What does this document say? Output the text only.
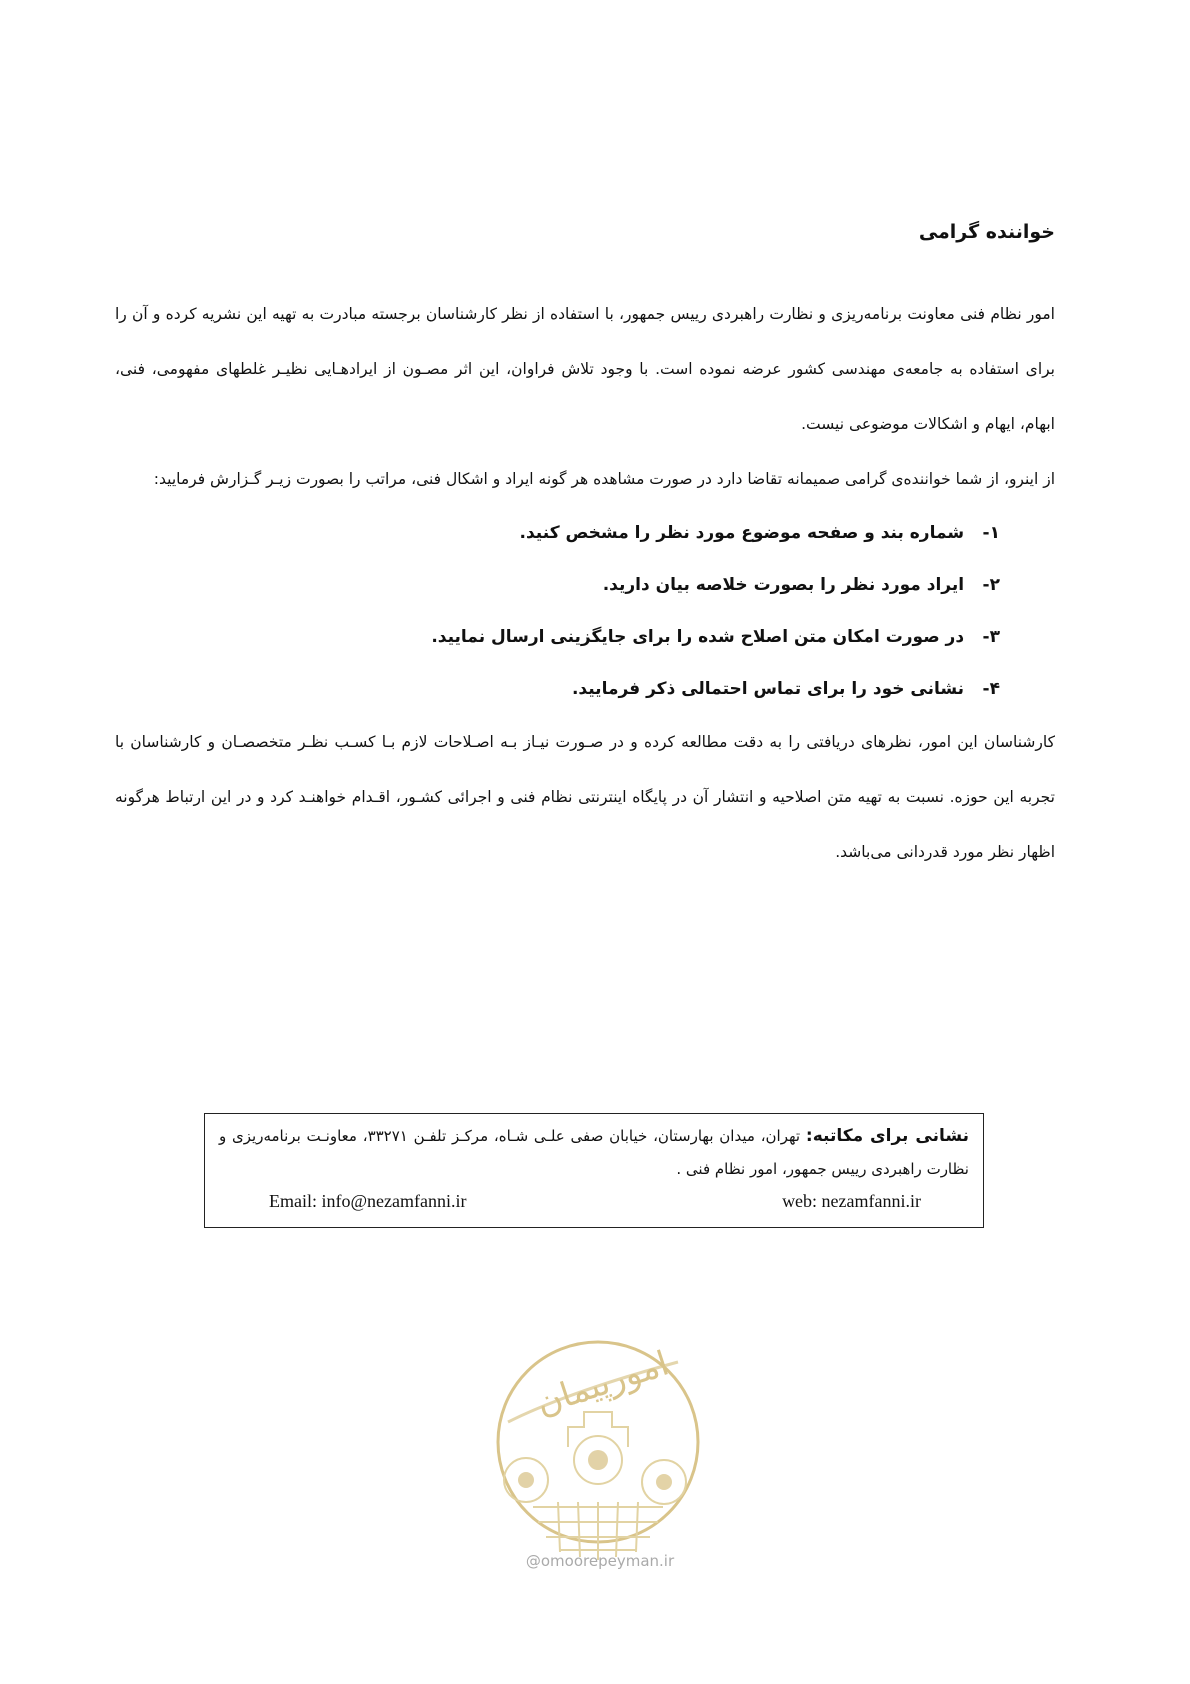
خواننده گرامی

امور نظام فنی معاونت برنامه‌ریزی و نظارت راهبردی رییس جمهور، با استفاده از نظر کارشناسان برجسته مبادرت به تهیه این نشریه کرده و آن را برای استفاده به جامعه‌ی مهندسی کشور عرضه نموده است. با وجود تلاش فراوان، این اثر مصـون از ایرادهـایی نظیـر غلطهای مفهومی، فنی، ابهام، ایهام و اشکالات موضوعی نیست.

از اینرو، از شما خواننده‌ی گرامی صمیمانه تقاضا دارد در صورت مشاهده هر گونه ایراد و اشکال فنی، مراتب را بصورت زیـر گـزارش فرمایید:

۱- شماره بند و صفحه موضوع مورد نظر را مشخص کنید.
۲- ایراد مورد نظر را بصورت خلاصه بیان دارید.
۳- در صورت امکان متن اصلاح شده را برای جایگزینی ارسال نمایید.
۴- نشانی خود را برای تماس احتمالی ذکر فرمایید.

کارشناسان این امور، نظرهای دریافتی را به دقت مطالعه کرده و در صـورت نیـاز بـه اصـلاحات لازم بـا کسـب نظـر متخصصـان و کارشناسان با تجربه این حوزه. نسبت به تهیه متن اصلاحیه و انتشار آن در پایگاه اینترنتی نظام فنی و اجرائی کشـور، اقـدام خواهنـد کرد و در این ارتباط هرگونه اظهار نظر مورد قدردانی می‌باشد.

نشانی برای مکاتبه: تهران، میدان بهارستان، خیابان صفی علـی شـاه، مرکـز تلفـن ۳۳۲۷۱، معاونـت برنامه‌ریزی و نظارت راهبردی رییس جمهور، امور نظام فنی .
Email: info@nezamfanni.ir	web: nezamfanni.ir
امورپیمان
@omoorepeyman.ir
